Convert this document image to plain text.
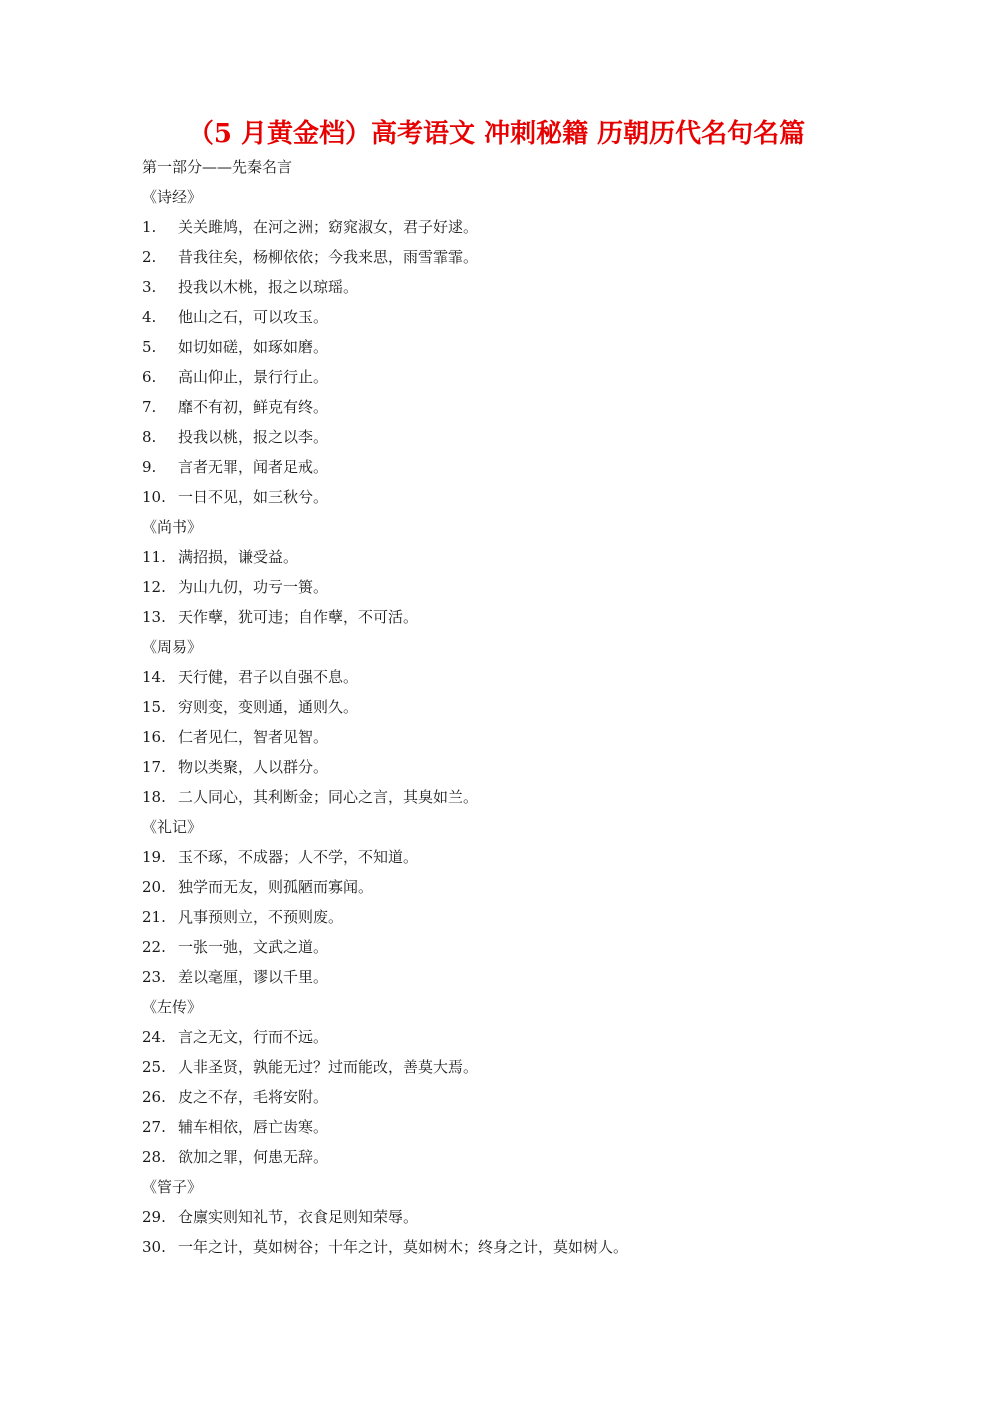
（5 月黄金档）高考语文 冲刺秘籍 历朝历代名句名篇
第一部分——先秦名言
《诗经》
1. 关关雎鸠，在河之洲；窈窕淑女，君子好逑。
2. 昔我往矣，杨柳依依；今我来思，雨雪霏霏。
3. 投我以木桃，报之以琼瑶。
4. 他山之石，可以攻玉。
5. 如切如磋，如琢如磨。
6. 高山仰止，景行行止。
7. 靡不有初，鲜克有终。
8. 投我以桃，报之以李。
9. 言者无罪，闻者足戒。
10. 一日不见，如三秋兮。
《尚书》
11. 满招损，谦受益。
12. 为山九仞，功亏一篑。
13. 天作孽，犹可违；自作孽，不可活。
《周易》
14. 天行健，君子以自强不息。
15. 穷则变，变则通，通则久。
16. 仁者见仁，智者见智。
17. 物以类聚，人以群分。
18. 二人同心，其利断金；同心之言，其臭如兰。
《礼记》
19. 玉不琢，不成器；人不学，不知道。
20. 独学而无友，则孤陋而寡闻。
21. 凡事预则立，不预则废。
22. 一张一弛，文武之道。
23. 差以毫厘，谬以千里。
《左传》
24. 言之无文，行而不远。
25. 人非圣贤，孰能无过？过而能改，善莫大焉。
26. 皮之不存，毛将安附。
27. 辅车相依，唇亡齿寒。
28. 欲加之罪，何患无辞。
《管子》
29. 仓廪实则知礼节，衣食足则知荣辱。
30. 一年之计，莫如树谷；十年之计，莫如树木；终身之计，莫如树人。
